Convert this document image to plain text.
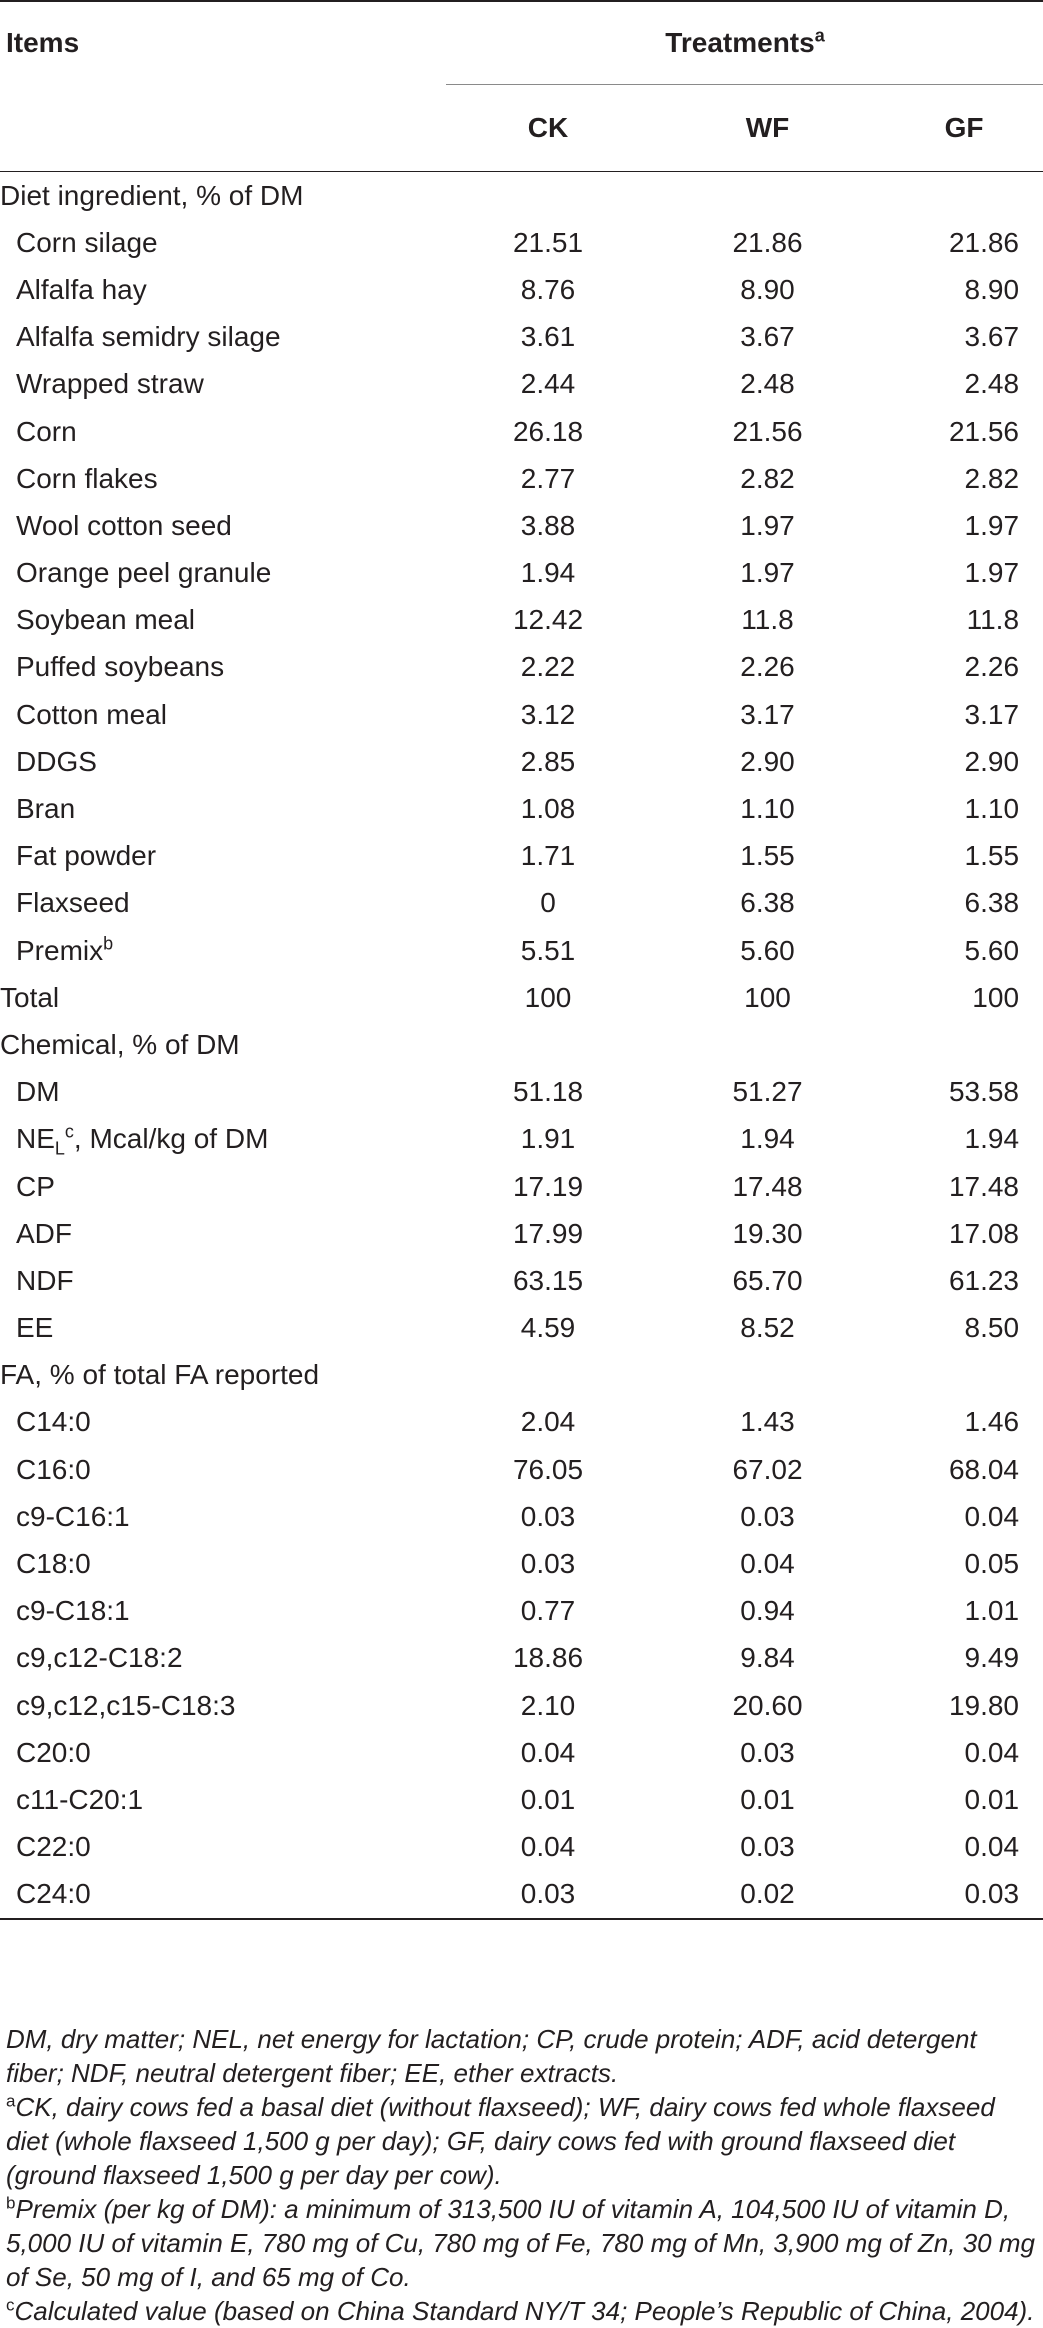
Items	Treatments$^a$
	CK	WF	GF
Diet ingredient, % of DM			
Corn silage	21.51	21.86	21.86
Alfalfa hay	8.76	8.90	8.90
Alfalfa semidry silage	3.61	3.67	3.67
Wrapped straw	2.44	2.48	2.48
Corn	26.18	21.56	21.56
Corn flakes	2.77	2.82	2.82
Wool cotton seed	3.88	1.97	1.97
Orange peel granule	1.94	1.97	1.97
Soybean meal	12.42	11.8	11.8
Puffed soybeans	2.22	2.26	2.26
Cotton meal	3.12	3.17	3.17
DDGS	2.85	2.90	2.90
Bran	1.08	1.10	1.10
Fat powder	1.71	1.55	1.55
Flaxseed	0	6.38	6.38
Premix$^b$	5.51	5.60	5.60
Total	100	100	100
Chemical, % of DM			
DM	51.18	51.27	53.58
$NE_L^c$, Mcal/kg of DM	1.91	1.94	1.94
CP	17.19	17.48	17.48
ADF	17.99	19.30	17.08
NDF	63.15	65.70	61.23
EE	4.59	8.52	8.50
FA, % of total FA reported			
C14:0	2.04	1.43	1.46
C16:0	76.05	67.02	68.04
c9-C16:1	0.03	0.03	0.04
C18:0	0.03	0.04	0.05
c9-C18:1	0.77	0.94	1.01
c9,c12-C18:2	18.86	9.84	9.49
c9,c12,c15-C18:3	2.10	20.60	19.80
C20:0	0.04	0.03	0.04
c11-C20:1	0.01	0.01	0.01
C22:0	0.04	0.03	0.04
C24:0	0.03	0.02	0.03

DM, dry matter; NEL, net energy for lactation; CP, crude protein; ADF, acid detergent fiber; NDF, neutral detergent fiber; EE, ether extracts.

$^a$CK, dairy cows fed a basal diet (without flaxseed); WF, dairy cows fed whole flaxseed diet (whole flaxseed 1,500 g per day); GF, dairy cows fed with ground flaxseed diet (ground flaxseed 1,500 g per day per cow).

$^b$Premix (per kg of DM): a minimum of 313,500 IU of vitamin A, 104,500 IU of vitamin D, 5,000 IU of vitamin E, 780 mg of Cu, 780 mg of Fe, 780 mg of Mn, 3,900 mg of Zn, 30 mg of Se, 50 mg of I, and 65 mg of Co.

$^c$Calculated value (based on China Standard NY/T 34; People’s Republic of China, 2004).
